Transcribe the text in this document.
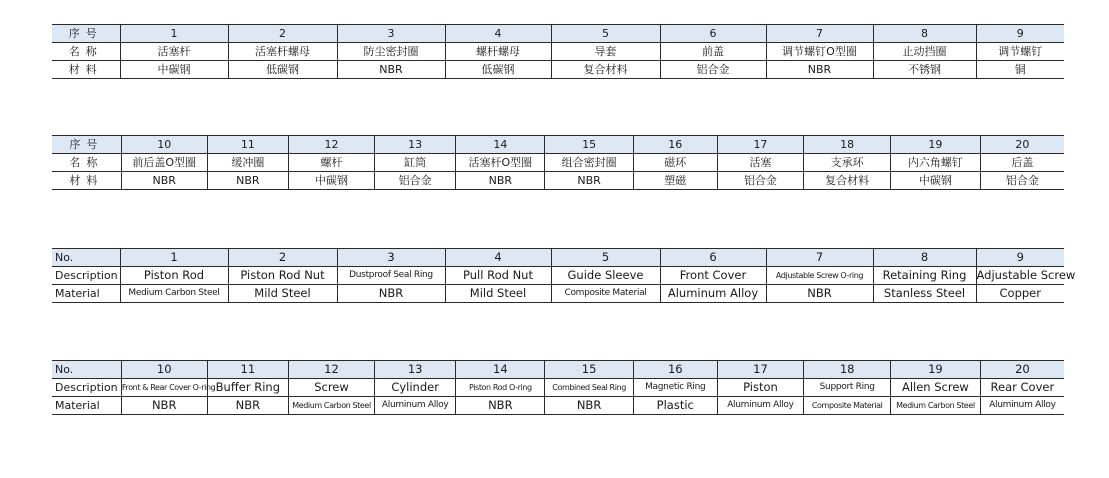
序号	1	2	3	4	5	6	7	8	9
名称	活塞杆	活塞杆螺母	防尘密封圈	螺杆螺母	导套	前盖	调节螺钉O型圈	止动挡圈	调节螺钉
材料	中碳钢	低碳钢	NBR	低碳钢	复合材料	铝合金	NBR	不锈钢	铜
序号	10	11	12	13	14	15	16	17	18	19	20
名称	前后盖O型圈	缓冲圈	螺杆	缸筒	活塞杆O型圈	组合密封圈	磁环	活塞	支承环	内六角螺钉	后盖
材料	NBR	NBR	中碳钢	铝合金	NBR	NBR	塑磁	铝合金	复合材料	中碳钢	铝合金
No.	1	2	3	4	5	6	7	8	9
Description	Piston Rod	Piston Rod Nut	Dustproof Seal Ring	Pull Rod Nut	Guide Sleeve	Front Cover	Adjustable Screw O-ring	Retaining Ring	Adjustable Screw
Material	Medium Carbon Steel	Mild Steel	NBR	Mild Steel	Composite Material	Aluminum Alloy	NBR	Stanless Steel	Copper
No.	10	11	12	13	14	15	16	17	18	19	20
Description	Front & Rear Cover O-ring	Buffer Ring	Screw	Cylinder	Piston Rod O-ring	Combined Seal Ring	Magnetic Ring	Piston	Support Ring	Allen Screw	Rear Cover
Material	NBR	NBR	Medium Carbon Steel	Aluminum Alloy	NBR	NBR	Plastic	Aluminum Alloy	Composite Material	Medium Carbon Steel	Aluminum Alloy
